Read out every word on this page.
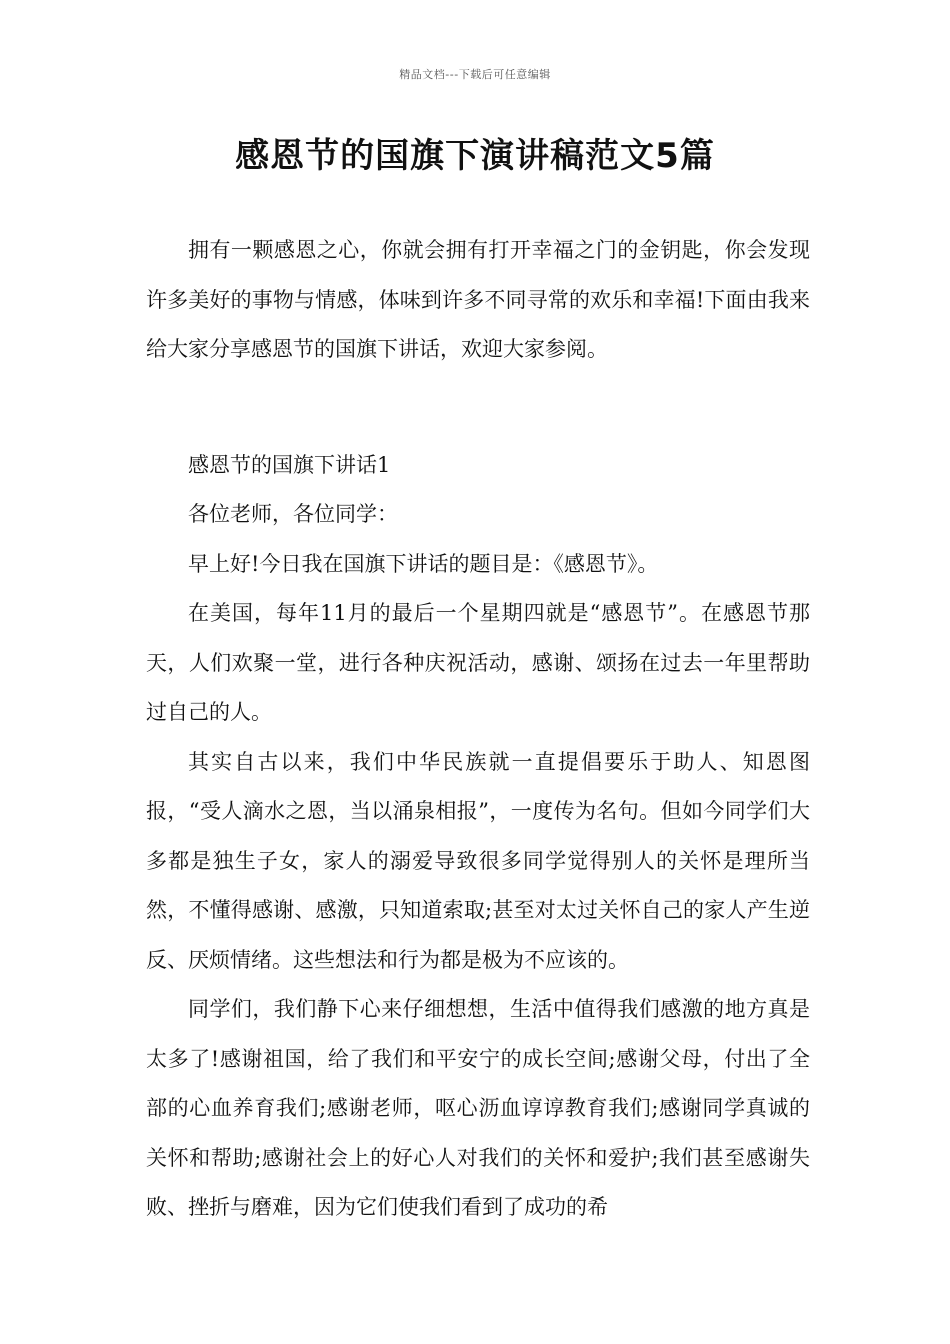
精品文档---下载后可任意编辑
感恩节的国旗下演讲稿范文5篇

拥有一颗感恩之心，你就会拥有打开幸福之门的金钥匙，你会发现许多美好的事物与情感，体味到许多不同寻常的欢乐和幸福!下面由我来给大家分享感恩节的国旗下讲话，欢迎大家参阅。

感恩节的国旗下讲话1

各位老师，各位同学：

早上好!今日我在国旗下讲话的题目是：《感恩节》。

在美国，每年11月的最后一个星期四就是“感恩节”。在感恩节那天，人们欢聚一堂，进行各种庆祝活动，感谢、颂扬在过去一年里帮助过自己的人。

其实自古以来，我们中华民族就一直提倡要乐于助人、知恩图报，“受人滴水之恩，当以涌泉相报”，一度传为名句。但如今同学们大多都是独生子女，家人的溺爱导致很多同学觉得别人的关怀是理所当然，不懂得感谢、感激，只知道索取;甚至对太过关怀自己的家人产生逆反、厌烦情绪。这些想法和行为都是极为不应该的。

同学们，我们静下心来仔细想想，生活中值得我们感激的地方真是太多了!感谢祖国，给了我们和平安宁的成长空间;感谢父母，付出了全部的心血养育我们;感谢老师，呕心沥血谆谆教育我们;感谢同学真诚的关怀和帮助;感谢社会上的好心人对我们的关怀和爱护;我们甚至感谢失败、挫折与磨难，因为它们使我们看到了成功的希
